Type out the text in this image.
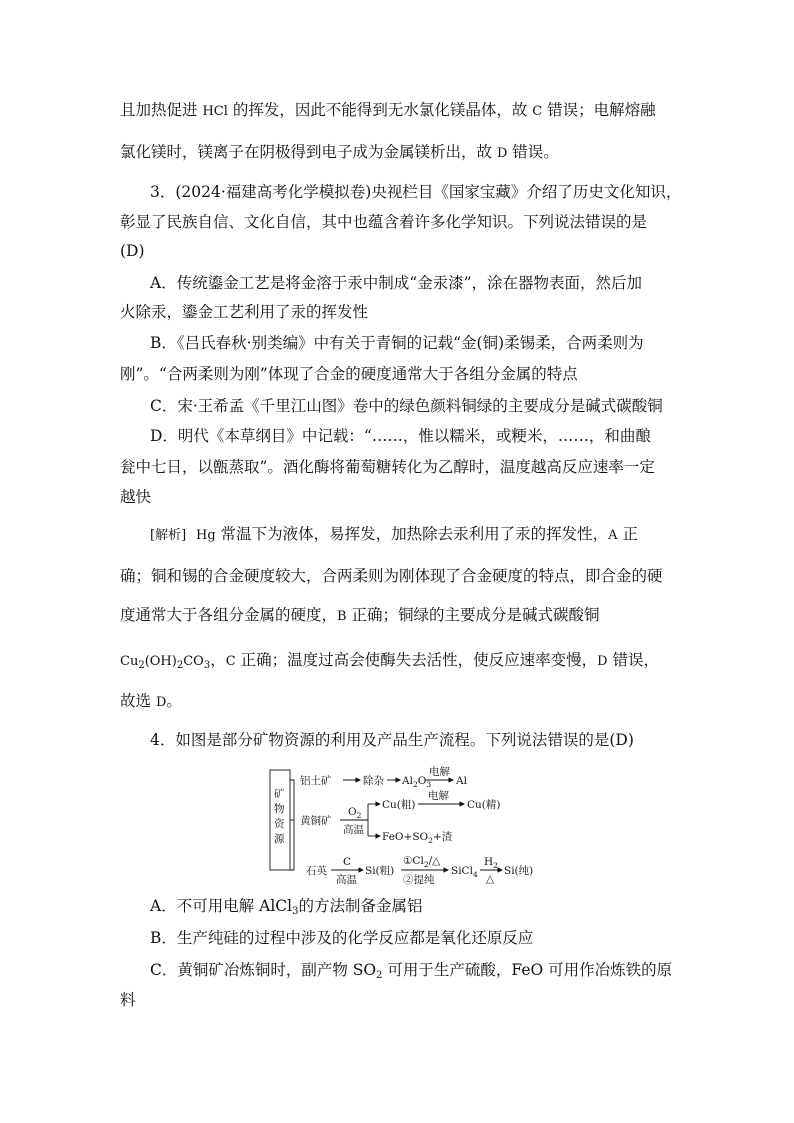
且加热促进 HCl 的挥发，因此不能得到无水氯化镁晶体，故 C 错误；电解熔融
氯化镁时，镁离子在阴极得到电子成为金属镁析出，故 D 错误。
3．(2024·福建高考化学模拟卷)央视栏目《国家宝藏》介绍了历史文化知识，
彰显了民族自信、文化自信，其中也蕴含着许多化学知识。下列说法错误的是
(D)
A．传统鎏金工艺是将金溶于汞中制成“金汞漆”，涂在器物表面，然后加
火除汞，鎏金工艺利用了汞的挥发性
B．《吕氏春秋·别类编》中有关于青铜的记载“金(铜)柔锡柔，合两柔则为
刚”。“合两柔则为刚”体现了合金的硬度通常大于各组分金属的特点
C．宋·王希孟《千里江山图》卷中的绿色颜料铜绿的主要成分是碱式碳酸铜
D．明代《本草纲目》中记载：“……，惟以糯米，或粳米，……，和曲酿
瓮中七日，以甑蒸取”。酒化酶将葡萄糖转化为乙醇时，温度越高反应速率一定
越快
[解析] Hg 常温下为液体，易挥发，加热除去汞利用了汞的挥发性，A 正
确；铜和锡的合金硬度较大，合两柔则为刚体现了合金硬度的特点，即合金的硬
度通常大于各组分金属的硬度，B 正确；铜绿的主要成分是碱式碳酸铜
$Cu_2(OH)_2CO_3$，C 正确；温度过高会使酶失去活性，使反应速率变慢，D 错误，
故选 D。
4．如图是部分矿物资源的利用及产品生产流程。下列说法错误的是(D)
矿
物
资
源
铝土矿	除杂 $Al_2O_3$
电解
Al
黄铜矿
$O_2$
高温
Cu(粗)
电解
Cu(精)
$FeO+SO_2+$渣
石英
C
高温
Si(粗)
$①Cl_2/\triangle$
②提纯
SiCl$_4$
$H_2$
△
Si(纯)
A．不可用电解 AlCl$_3$的方法制备金属铝
B．生产纯硅的过程中涉及的化学反应都是氧化还原反应
C．黄铜矿冶炼铜时，副产物 $SO_2$ 可用于生产硫酸，FeO 可用作冶炼铁的原
料
